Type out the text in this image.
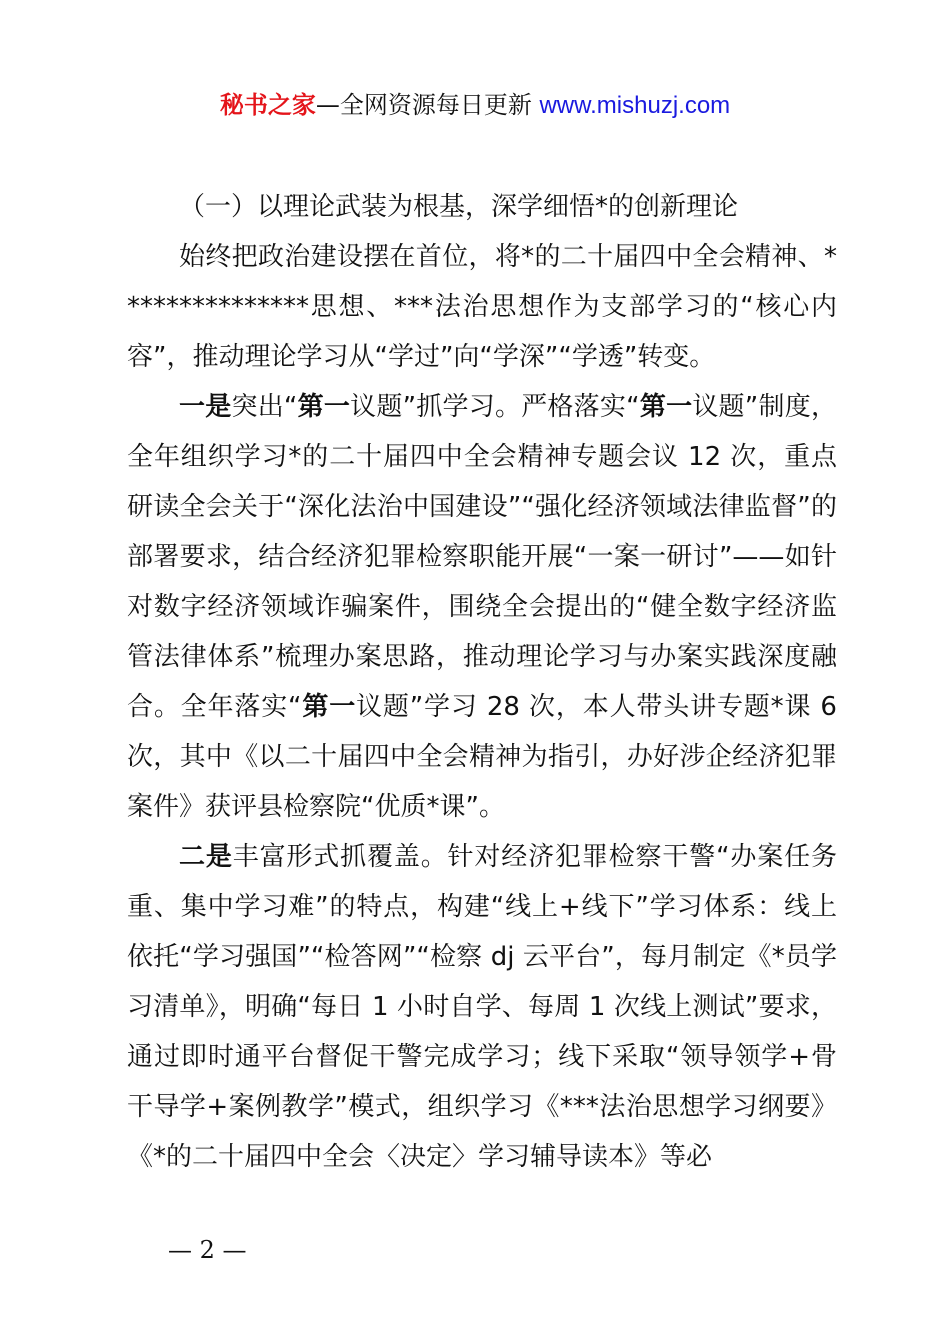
秘书之家—全网资源每日更新 www.mishuzj.com

（一）以理论武装为根基，深学细悟*的创新理论

始终把政治建设摆在首位，将*的二十届四中全会精神、***************思想、***法治思想作为支部学习的“核心内容”，推动理论学习从“学过”向“学深”“学透”转变。

一是突出“第一议题”抓学习。严格落实“第一议题”制度，全年组织学习*的二十届四中全会精神专题会议 12 次，重点研读全会关于“深化法治中国建设”“强化经济领域法律监督”的部署要求，结合经济犯罪检察职能开展“一案一研讨”——如针对数字经济领域诈骗案件，围绕全会提出的“健全数字经济监管法律体系”梳理办案思路，推动理论学习与办案实践深度融合。全年落实“第一议题”学习 28 次，本人带头讲专题*课 6 次，其中《以二十届四中全会精神为指引，办好涉企经济犯罪案件》获评县检察院“优质*课”。

二是丰富形式抓覆盖。针对经济犯罪检察干警“办案任务重、集中学习难”的特点，构建“线上+线下”学习体系：线上依托“学习强国”“检答网”“检察 dj 云平台”，每月制定《*员学习清单》，明确“每日 1 小时自学、每周 1 次线上测试”要求，通过即时通平台督促干警完成学习；线下采取“领导领学+骨干导学+案例教学”模式，组织学习《***法治思想学习纲要》《*的二十届四中全会〈决定〉学习辅导读本》等必

— 2 —
